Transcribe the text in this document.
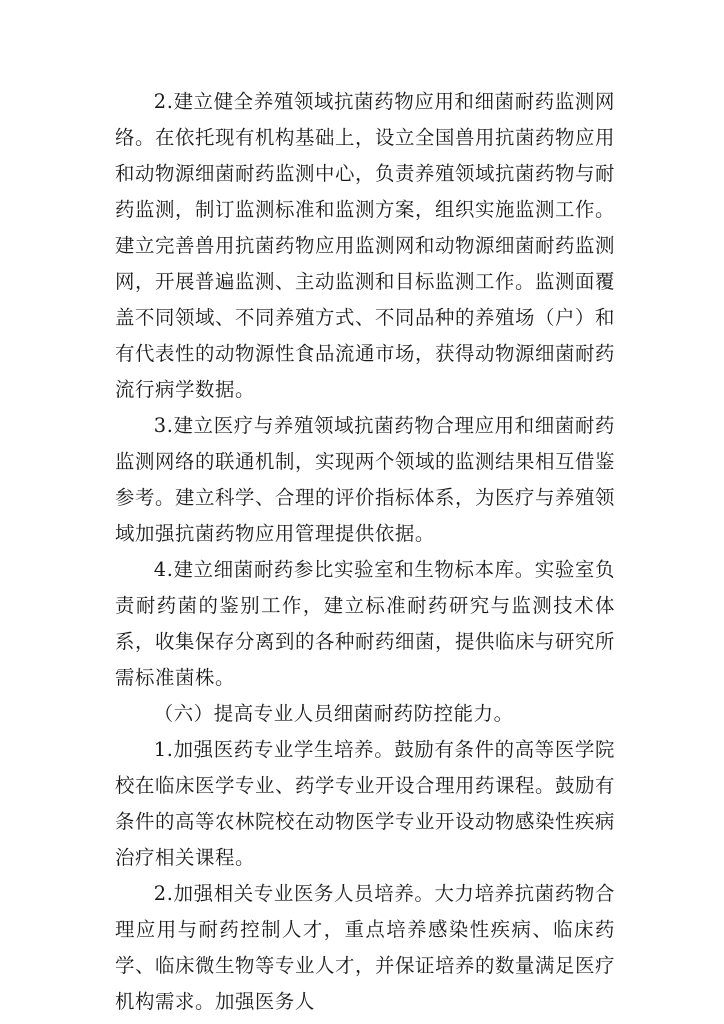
2.建立健全养殖领域抗菌药物应用和细菌耐药监测网络。在依托现有机构基础上，设立全国兽用抗菌药物应用和动物源细菌耐药监测中心，负责养殖领域抗菌药物与耐药监测，制订监测标准和监测方案，组织实施监测工作。建立完善兽用抗菌药物应用监测网和动物源细菌耐药监测网，开展普遍监测、主动监测和目标监测工作。监测面覆盖不同领域、不同养殖方式、不同品种的养殖场（户）和有代表性的动物源性食品流通市场，获得动物源细菌耐药流行病学数据。

3.建立医疗与养殖领域抗菌药物合理应用和细菌耐药监测网络的联通机制，实现两个领域的监测结果相互借鉴参考。建立科学、合理的评价指标体系，为医疗与养殖领域加强抗菌药物应用管理提供依据。

4.建立细菌耐药参比实验室和生物标本库。实验室负责耐药菌的鉴别工作，建立标准耐药研究与监测技术体系，收集保存分离到的各种耐药细菌，提供临床与研究所需标准菌株。

（六）提高专业人员细菌耐药防控能力。

1.加强医药专业学生培养。鼓励有条件的高等医学院校在临床医学专业、药学专业开设合理用药课程。鼓励有条件的高等农林院校在动物医学专业开设动物感染性疾病治疗相关课程。

2.加强相关专业医务人员培养。大力培养抗菌药物合理应用与耐药控制人才，重点培养感染性疾病、临床药学、临床微生物等专业人才，并保证培养的数量满足医疗机构需求。加强医务人
